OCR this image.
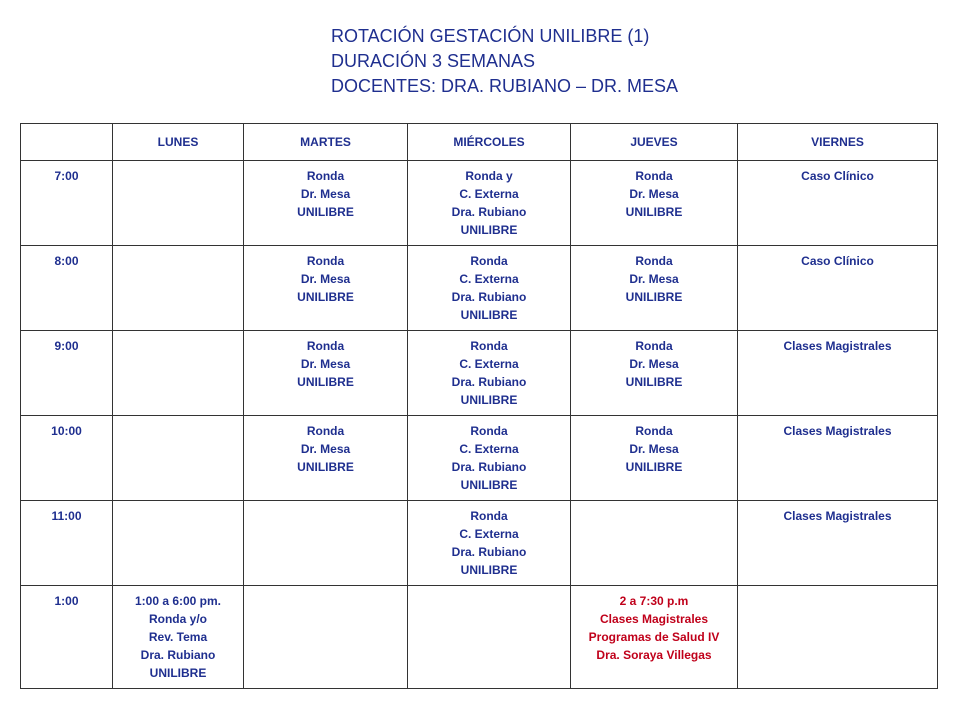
ROTACIÓN GESTACIÓN UNILIBRE (1)
DURACIÓN 3 SEMANAS
DOCENTES: DRA. RUBIANO – DR. MESA
	LUNES	MARTES	MIÉRCOLES	JUEVES	VIERNES
7:00		Ronda
Dr. Mesa
UNILIBRE	Ronda y
C. Externa
Dra. Rubiano
UNILIBRE	Ronda
Dr. Mesa
UNILIBRE	Caso Clínico

8:00		Ronda
Dr. Mesa
UNILIBRE	Ronda
C. Externa
Dra. Rubiano
UNILIBRE	Ronda
Dr. Mesa
UNILIBRE	Caso Clínico

9:00		Ronda
Dr. Mesa
UNILIBRE	Ronda
C. Externa
Dra. Rubiano
UNILIBRE	Ronda
Dr. Mesa
UNILIBRE	Clases Magistrales

10:00		Ronda
Dr. Mesa
UNILIBRE	Ronda
C. Externa
Dra. Rubiano
UNILIBRE	Ronda
Dr. Mesa
UNILIBRE	Clases Magistrales

11:00			Ronda
C. Externa
Dra. Rubiano
UNILIBRE		Clases Magistrales

1:00	1:00 a 6:00 pm.
Ronda y/o
Rev. Tema
Dra. Rubiano
UNILIBRE			2 a 7:30 p.m
Clases Magistrales
Programas de Salud IV
Dra. Soraya Villegas	
